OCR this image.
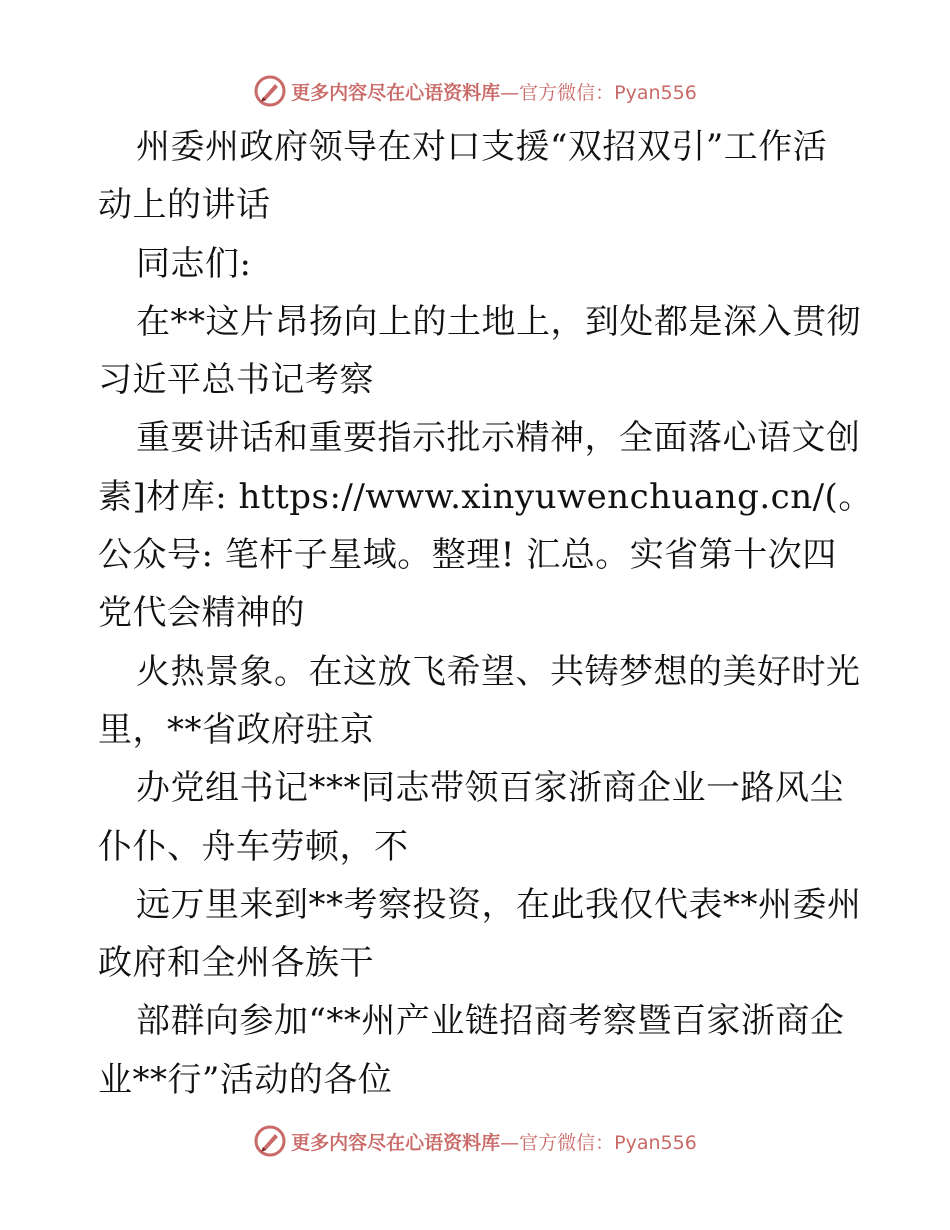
更多内容尽在心语资料库 —官方微信：Pyan556
州委州政府领导在对口支援“双招双引”工作活
动上的讲话
同志们:
在**这片昂扬向上的土地上，到处都是深入贯彻
习近平总书记考察
重要讲话和重要指示批示精神，全面落心语文创
素]材库: https://www.xinyuwenchuang.cn/(。
公众号: 笔杆子星域。整理! 汇总。实省第十次四
党代会精神的
火热景象。在这放飞希望、共铸梦想的美好时光
里，**省政府驻京
办党组书记***同志带领百家浙商企业一路风尘
仆仆、舟车劳顿，不
远万里来到**考察投资，在此我仅代表**州委州
政府和全州各族干
部群向参加“**州产业链招商考察暨百家浙商企
业**行”活动的各位
更多内容尽在心语资料库 —官方微信：Pyan556
